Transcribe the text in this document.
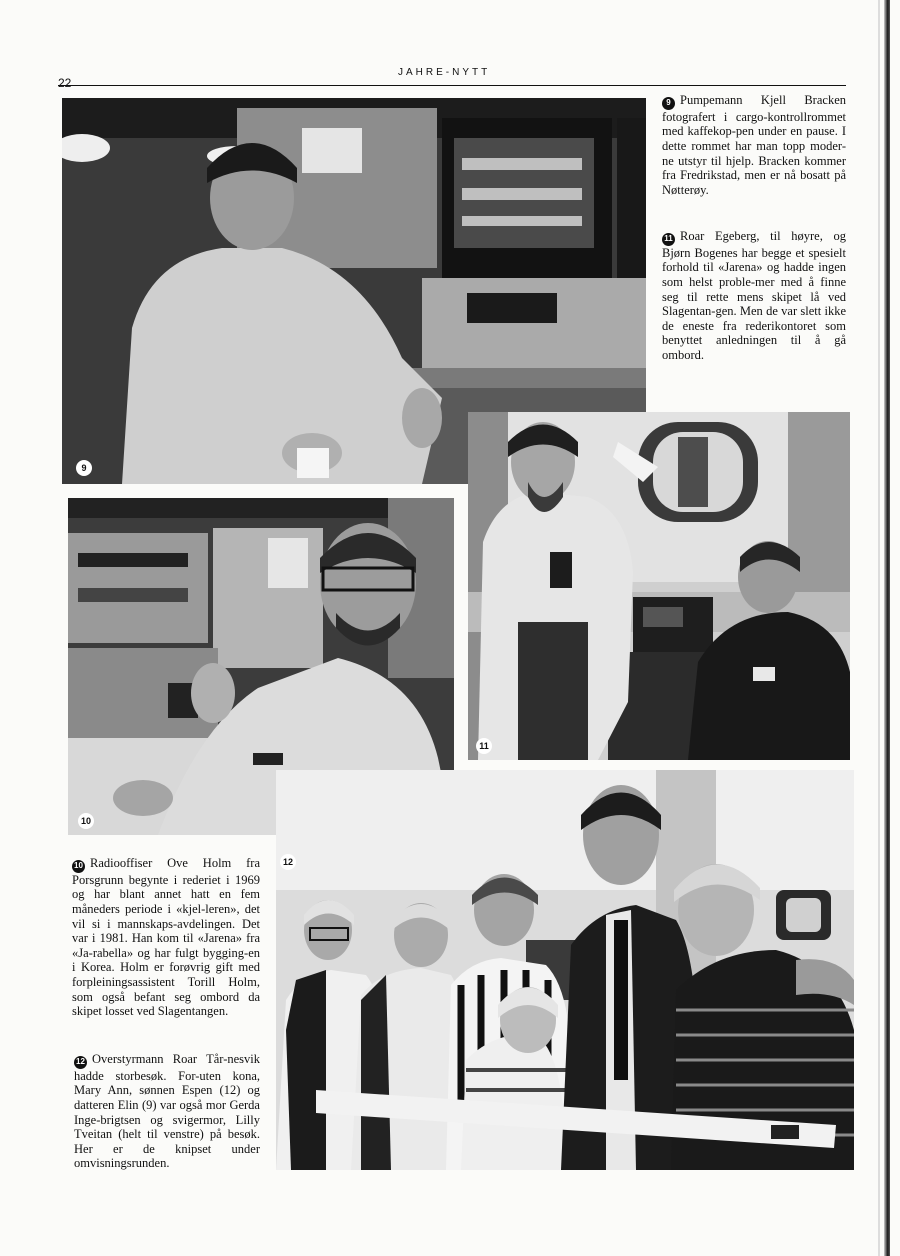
22
JAHRE-NYTT
9
10
11
12

9 Pumpemann Kjell Bracken fotografert i cargo-kontrollrommet med kaffekop-pen under en pause. I dette rommet har man topp moder-ne utstyr til hjelp. Bracken kommer fra Fredrikstad, men er nå bosatt på Nøtterøy.

11 Roar Egeberg, til høyre, og Bjørn Bogenes har begge et spesielt forhold til «Jarena» og hadde ingen som helst proble-mer med å finne seg til rette mens skipet lå ved Slagentan-gen. Men de var slett ikke de eneste fra rederikontoret som benyttet anledningen til å gå ombord.

10 Radiooffiser Ove Holm fra Porsgrunn begynte i rederiet i 1969 og har blant annet hatt en fem måneders periode i «kjel-leren», det vil si i mannskaps-avdelingen. Det var i 1981. Han kom til «Jarena» fra «Ja-rabella» og har fulgt bygging-en i Korea. Holm er forøvrig gift med forpleiningsassistent Torill Holm, som også befant seg ombord da skipet losset ved Slagentangen.

12 Overstyrmann Roar Tår-nesvik hadde storbesøk. For-uten kona, Mary Ann, sønnen Espen (12) og datteren Elin (9) var også mor Gerda Inge-brigtsen og svigermor, Lilly Tveitan (helt til venstre) på besøk. Her er de knipset under omvisningsrunden.
